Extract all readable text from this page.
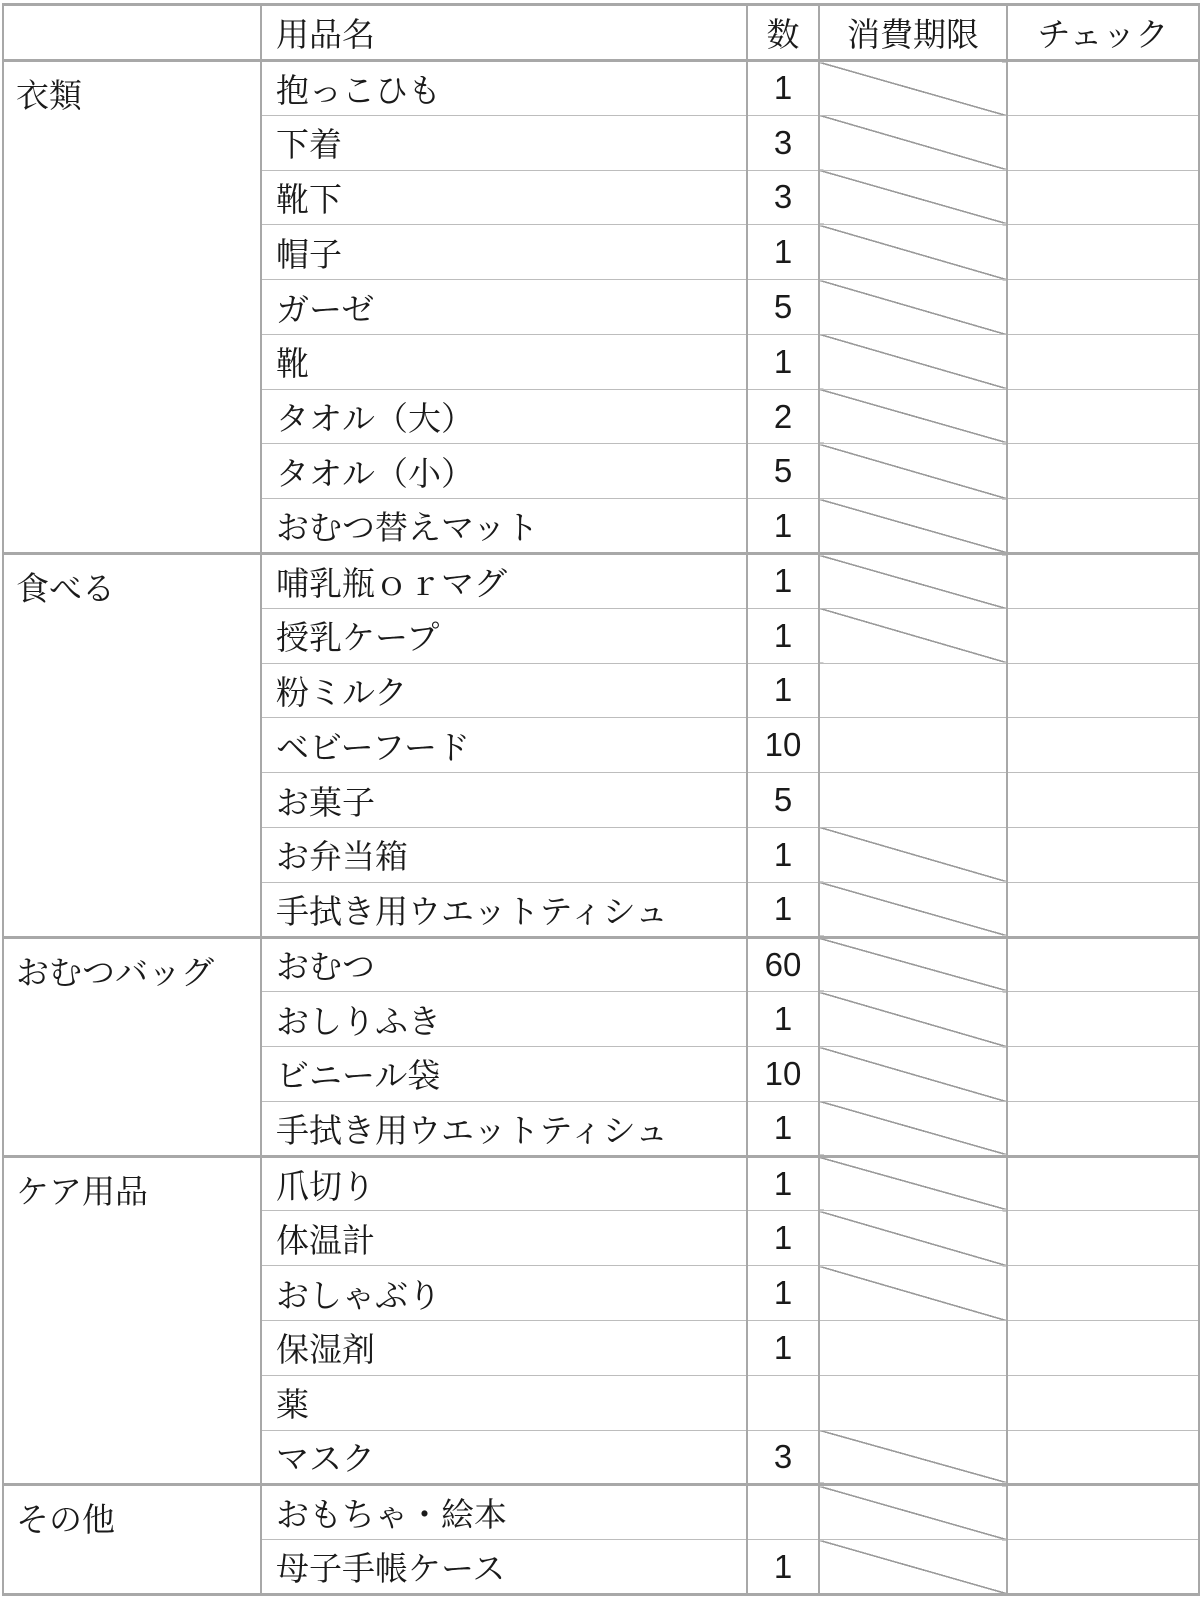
	用品名	数	消費期限	チェック
衣類	抱っこひも	1		
	下着	3		
	靴下	3		
	帽子	1		
	ガーゼ	5		
	靴	1		
	タオル（大）	2		
	タオル（小）	5		
	おむつ替えマット	1		
食べる	哺乳瓶ｏｒマグ	1		
	授乳ケープ	1		
	粉ミルク	1		
	ベビーフード	10		
	お菓子	5		
	お弁当箱	1		
	手拭き用ウエットティシュ	1		
おむつバッグ	おむつ	60		
	おしりふき	1		
	ビニール袋	10		
	手拭き用ウエットティシュ	1		
ケア用品	爪切り	1		
	体温計	1		
	おしゃぶり	1		
	保湿剤	1		
	薬			
	マスク	3		
その他	おもちゃ・絵本			
	母子手帳ケース	1		
